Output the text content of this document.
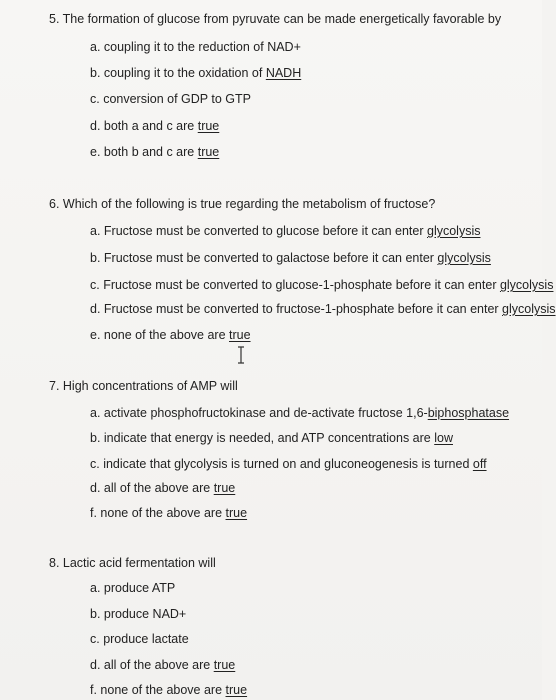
5. The formation of glucose from pyruvate can be made energetically favorable by
a. coupling it to the reduction of NAD+
b. coupling it to the oxidation of NADH
c. conversion of GDP to GTP
d. both a and c are true
e. both b and c are true
6. Which of the following is true regarding the metabolism of fructose?
a. Fructose must be converted to glucose before it can enter glycolysis
b. Fructose must be converted to galactose before it can enter glycolysis
c. Fructose must be converted to glucose-1-phosphate before it can enter glycolysis
d. Fructose must be converted to fructose-1-phosphate before it can enter glycolysis
e. none of the above are true
7. High concentrations of AMP will
a. activate phosphofructokinase and de-activate fructose 1,6-biphosphatase
b. indicate that energy is needed, and ATP concentrations are low
c. indicate that glycolysis is turned on and gluconeogenesis is turned off
d. all of the above are true
f. none of the above are true
8. Lactic acid fermentation will
a. produce ATP
b. produce NAD+
c. produce lactate
d. all of the above are true
f. none of the above are true
